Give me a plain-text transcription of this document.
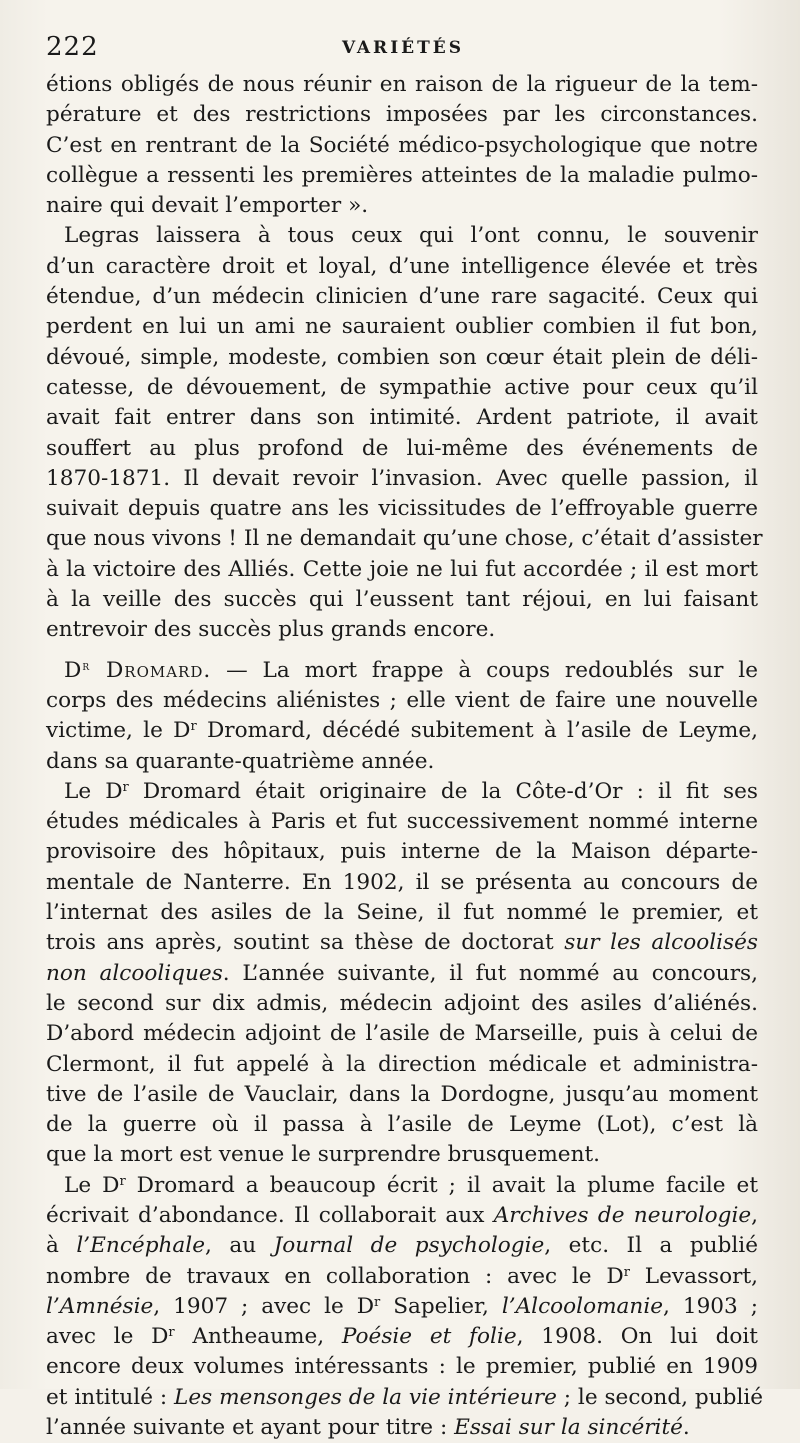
222	VARIÉTÉS
étions obligés de nous réunir en raison de la rigueur de la tem-
pérature et des restrictions imposées par les circonstances.
C’est en rentrant de la Société médico-psychologique que notre
collègue a ressenti les premières atteintes de la maladie pulmo-
naire qui devait l’emporter ».
Legras laissera à tous ceux qui l’ont connu, le souvenir
d’un caractère droit et loyal, d’une intelligence élevée et très
étendue, d’un médecin clinicien d’une rare sagacité. Ceux qui
perdent en lui un ami ne sauraient oublier combien il fut bon,
dévoué, simple, modeste, combien son cœur était plein de déli-
catesse, de dévouement, de sympathie active pour ceux qu’il
avait fait entrer dans son intimité. Ardent patriote, il avait
souffert au plus profond de lui-même des événements de
1870-1871. Il devait revoir l’invasion. Avec quelle passion, il
suivait depuis quatre ans les vicissitudes de l’effroyable guerre
que nous vivons ! Il ne demandait qu’une chose, c’était d’assister
à la victoire des Alliés. Cette joie ne lui fut accordée ; il est mort
à la veille des succès qui l’eussent tant réjoui, en lui faisant
entrevoir des succès plus grands encore.
$D^r$ Dromard. — La mort frappe à coups redoublés sur le
corps des médecins aliénistes ; elle vient de faire une nouvelle
victime, le $D^r$ Dromard, décédé subitement à l’asile de Leyme,
dans sa quarante-quatrième année.
Le $D^r$ Dromard était originaire de la Côte-d’Or : il fit ses
études médicales à Paris et fut successivement nommé interne
provisoire des hôpitaux, puis interne de la Maison départe-
mentale de Nanterre. En 1902, il se présenta au concours de
l’internat des asiles de la Seine, il fut nommé le premier, et
trois ans après, soutint sa thèse de doctorat sur les alcoolisés
non alcooliques. L’année suivante, il fut nommé au concours,
le second sur dix admis, médecin adjoint des asiles d’aliénés.
D’abord médecin adjoint de l’asile de Marseille, puis à celui de
Clermont, il fut appelé à la direction médicale et administra-
tive de l’asile de Vauclair, dans la Dordogne, jusqu’au moment
de la guerre où il passa à l’asile de Leyme (Lot), c’est là
que la mort est venue le surprendre brusquement.
Le $D^r$ Dromard a beaucoup écrit ; il avait la plume facile et
écrivait d’abondance. Il collaborait aux Archives de neurologie,
à l’Encéphale, au Journal de psychologie, etc. Il a publié
nombre de travaux en collaboration : avec le $D^r$ Levassort,
l’Amnésie, 1907 ; avec le $D^r$ Sapelier, l’Alcoolomanie, 1903 ;
avec le $D^r$ Antheaume, Poésie et folie, 1908. On lui doit
encore deux volumes intéressants : le premier, publié en 1909
et intitulé : Les mensonges de la vie intérieure ; le second, publié
l’année suivante et ayant pour titre : Essai sur la sincérité.
